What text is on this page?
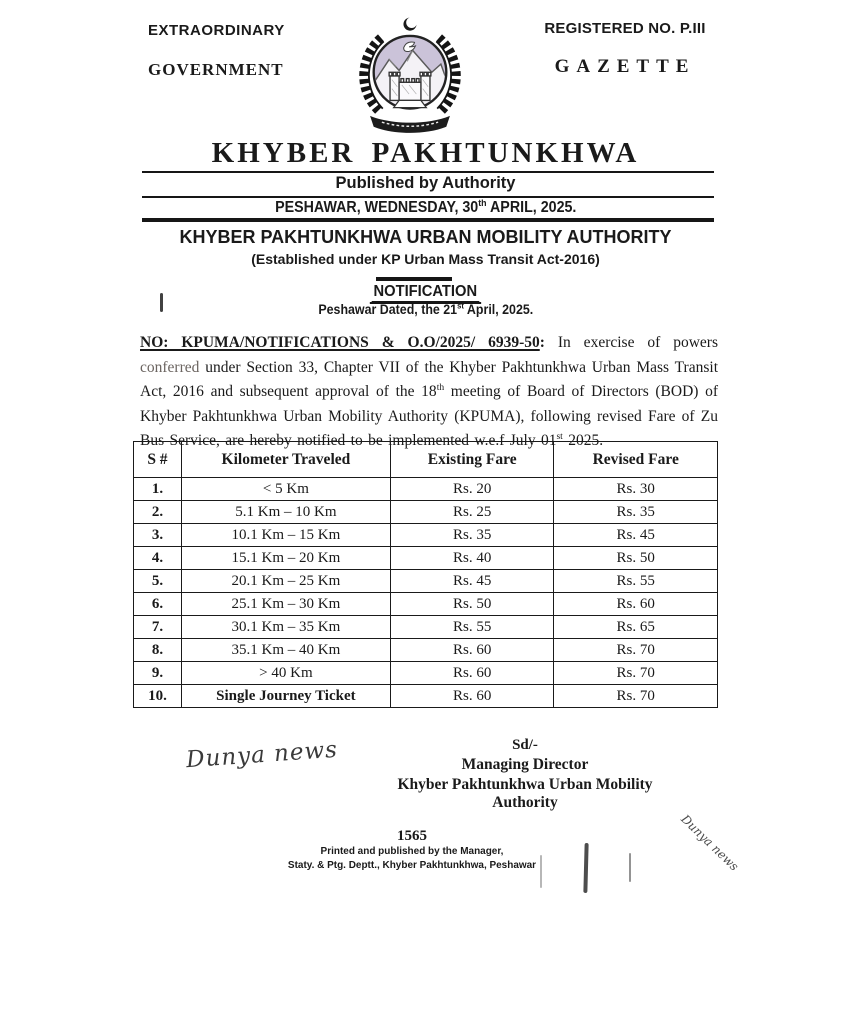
EXTRAORDINARY
GOVERNMENT
REGISTERED NO. P.III
GAZETTE
KHYBER PAKHTUNKHWA
Published by Authority
PESHAWAR, WEDNESDAY, 30th APRIL, 2025.
KHYBER PAKHTUNKHWA URBAN MOBILITY AUTHORITY
(Established under KP Urban Mass Transit Act-2016)
NOTIFICATION
Peshawar Dated, the 21st April, 2025.

NO: KPUMA/NOTIFICATIONS & O.O/2025/ 6939-50: In exercise of powers conferred under Section 33, Chapter VII of the Khyber Pakhtunkhwa Urban Mass Transit Act, 2016 and subsequent approval of the 18th meeting of Board of Directors (BOD) of Khyber Pakhtunkhwa Urban Mobility Authority (KPUMA), following revised Fare of Zu Bus Service, are hereby notified to be implemented w.e.f July 01st 2025.

S #	Kilometer Traveled	Existing Fare	Revised Fare
1.	< 5 Km	Rs. 20	Rs. 30
2.	5.1 Km – 10 Km	Rs. 25	Rs. 35
3.	10.1 Km – 15 Km	Rs. 35	Rs. 45
4.	15.1 Km – 20 Km	Rs. 40	Rs. 50
5.	20.1 Km – 25 Km	Rs. 45	Rs. 55
6.	25.1 Km – 30 Km	Rs. 50	Rs. 60
7.	30.1 Km – 35 Km	Rs. 55	Rs. 65
8.	35.1 Km – 40 Km	Rs. 60	Rs. 70
9.	> 40 Km	Rs. 60	Rs. 70
10.	Single Journey Ticket	Rs. 60	Rs. 70
Dunya news	Sd/-
Managing Director
Khyber Pakhtunkhwa Urban Mobility Authority
1565
Printed and published by the Manager,
Staty. & Ptg. Deptt., Khyber Pakhtunkhwa, Peshawar	Dunya news
